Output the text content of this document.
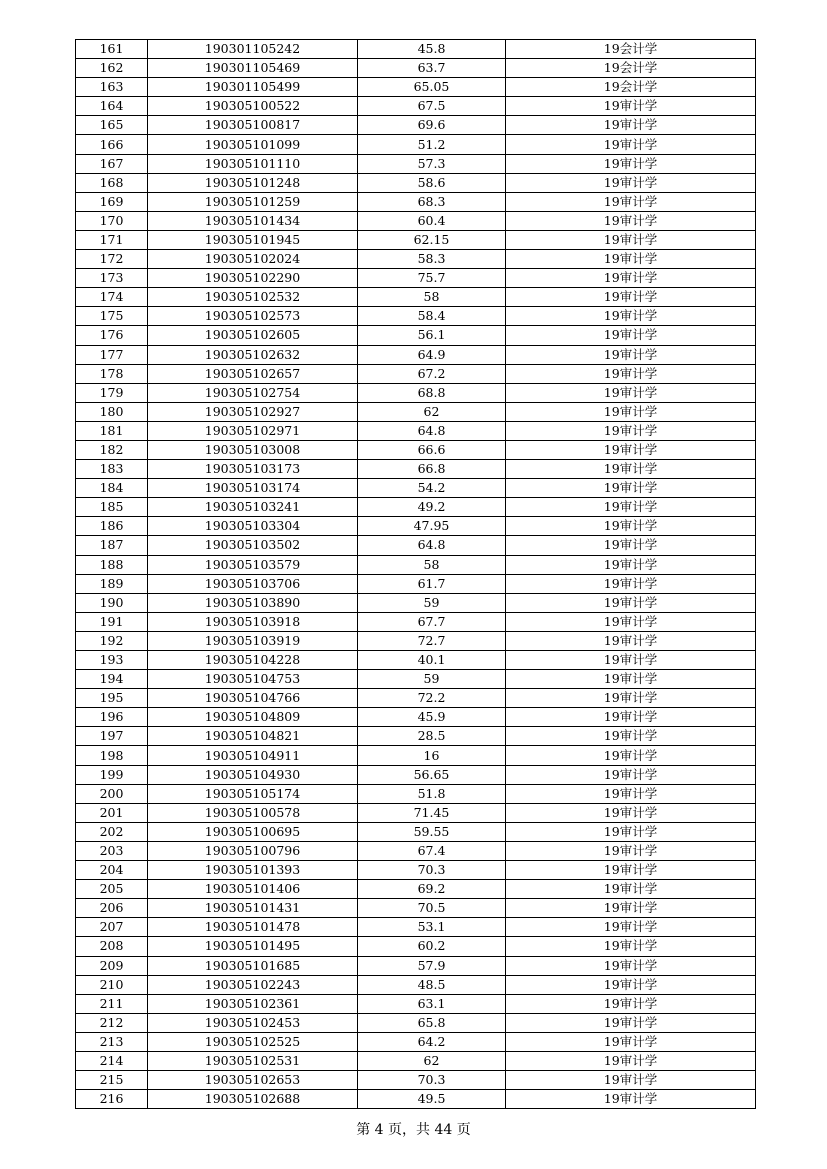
161	190301105242	45.8	19会计学
162	190301105469	63.7	19会计学
163	190301105499	65.05	19会计学
164	190305100522	67.5	19审计学
165	190305100817	69.6	19审计学
166	190305101099	51.2	19审计学
167	190305101110	57.3	19审计学
168	190305101248	58.6	19审计学
169	190305101259	68.3	19审计学
170	190305101434	60.4	19审计学
171	190305101945	62.15	19审计学
172	190305102024	58.3	19审计学
173	190305102290	75.7	19审计学
174	190305102532	58	19审计学
175	190305102573	58.4	19审计学
176	190305102605	56.1	19审计学
177	190305102632	64.9	19审计学
178	190305102657	67.2	19审计学
179	190305102754	68.8	19审计学
180	190305102927	62	19审计学
181	190305102971	64.8	19审计学
182	190305103008	66.6	19审计学
183	190305103173	66.8	19审计学
184	190305103174	54.2	19审计学
185	190305103241	49.2	19审计学
186	190305103304	47.95	19审计学
187	190305103502	64.8	19审计学
188	190305103579	58	19审计学
189	190305103706	61.7	19审计学
190	190305103890	59	19审计学
191	190305103918	67.7	19审计学
192	190305103919	72.7	19审计学
193	190305104228	40.1	19审计学
194	190305104753	59	19审计学
195	190305104766	72.2	19审计学
196	190305104809	45.9	19审计学
197	190305104821	28.5	19审计学
198	190305104911	16	19审计学
199	190305104930	56.65	19审计学
200	190305105174	51.8	19审计学
201	190305100578	71.45	19审计学
202	190305100695	59.55	19审计学
203	190305100796	67.4	19审计学
204	190305101393	70.3	19审计学
205	190305101406	69.2	19审计学
206	190305101431	70.5	19审计学
207	190305101478	53.1	19审计学
208	190305101495	60.2	19审计学
209	190305101685	57.9	19审计学
210	190305102243	48.5	19审计学
211	190305102361	63.1	19审计学
212	190305102453	65.8	19审计学
213	190305102525	64.2	19审计学
214	190305102531	62	19审计学
215	190305102653	70.3	19审计学
216	190305102688	49.5	19审计学
第 4 页，共 44 页
